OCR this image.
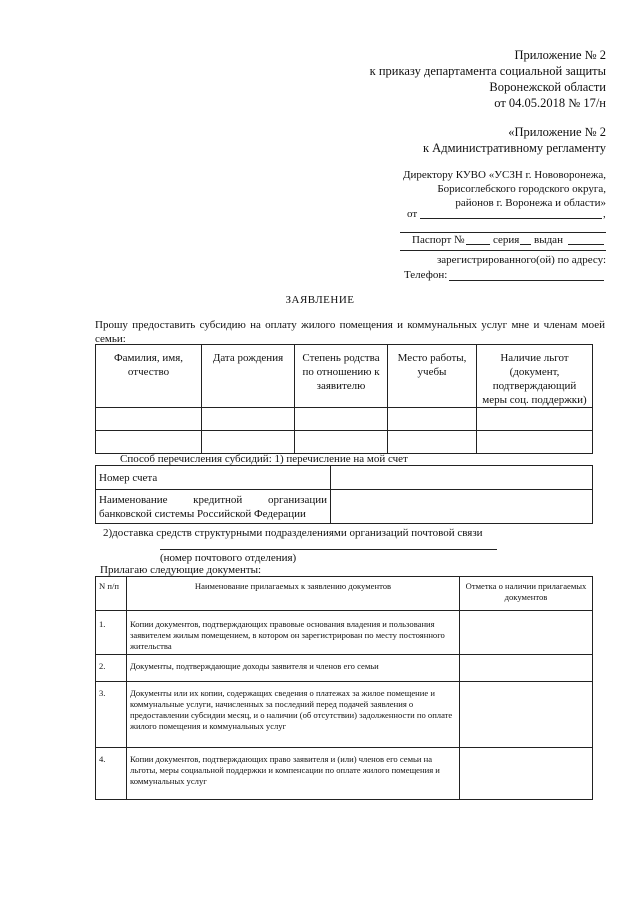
Приложение № 2
к приказу департамента социальной защиты
Воронежской области
от 04.05.2018 № 17/н
«Приложение № 2
к Административному регламенту
Директору КУВО «УСЗН г. Нововоронежа,
Борисоглебского городского округа,
районов г. Воронежа и области»
от	,
Паспорт №	серия выдан
зарегистрированного(ой) по адресу:
Телефон:
ЗАЯВЛЕНИЕ
Прошу предоставить субсидию на оплату жилого помещения и коммунальных услуг мне и членам моей семьи:
Фамилия, имя, отчество	Дата рождения	Степень родства по отношению к заявителю	Место работы, учебы	Наличие льгот (документ, подтверждающий меры соц. поддержки)

Способ перечисления субсидий: 1) перечисление на мой счет
Номер счета	
Наименование кредитной организации банковской системы Российской Федерации	
2)доставка средств структурными подразделениями организаций почтовой связи
(номер почтового отделения)
Прилагаю следующие документы:
N п/п	Наименование прилагаемых к заявлению документов	Отметка о наличии прилагаемых документов
1.	Копии документов, подтверждающих правовые основания владения и пользования заявителем жилым помещением, в котором он зарегистрирован по месту постоянного жительства	
2.	Документы, подтверждающие доходы заявителя и членов его семьи	
3.	Документы или их копии, содержащих сведения о платежах за жилое помещение и коммунальные услуги, начисленных за последний перед подачей заявления о предоставлении субсидии месяц, и о наличии (об отсутствии) задолженности по оплате жилого помещения и коммунальных услуг	
4.	Копии документов, подтверждающих право заявителя и (или) членов его семьи на льготы, меры социальной поддержки и компенсации по оплате жилого помещения и коммунальных услуг	
